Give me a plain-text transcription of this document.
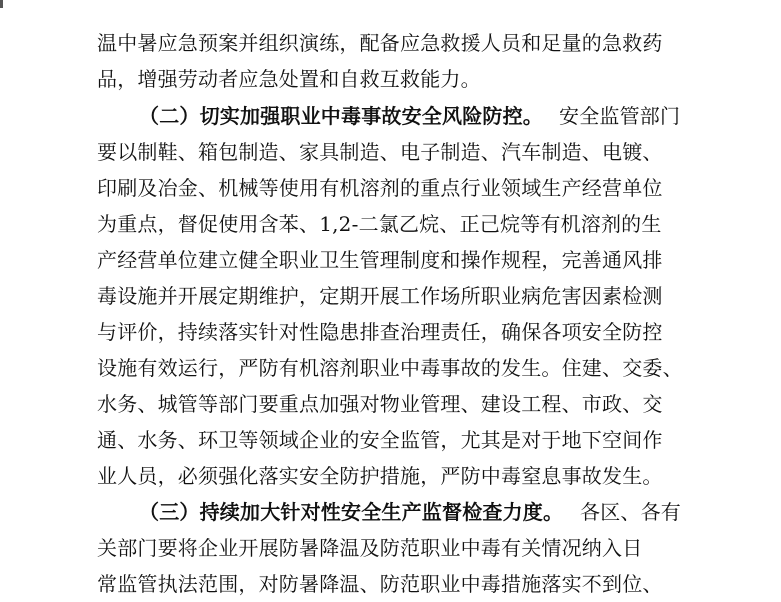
温中暑应急预案并组织演练，配备应急救援人员和足量的急救药
品，增强劳动者应急处置和自救互救能力。
（二）切实加强职业中毒事故安全风险防控。 安全监管部门
要以制鞋、箱包制造、家具制造、电子制造、汽车制造、电镀、
印刷及冶金、机械等使用有机溶剂的重点行业领域生产经营单位
为重点，督促使用含苯、1,2-二氯乙烷、正己烷等有机溶剂的生
产经营单位建立健全职业卫生管理制度和操作规程，完善通风排
毒设施并开展定期维护，定期开展工作场所职业病危害因素检测
与评价，持续落实针对性隐患排查治理责任，确保各项安全防控
设施有效运行，严防有机溶剂职业中毒事故的发生。住建、交委、
水务、城管等部门要重点加强对物业管理、建设工程、市政、交
通、水务、环卫等领域企业的安全监管，尤其是对于地下空间作
业人员，必须强化落实安全防护措施，严防中毒窒息事故发生。
（三）持续加大针对性安全生产监督检查力度。 各区、各有
关部门要将企业开展防暑降温及防范职业中毒有关情况纳入日
常监管执法范围，对防暑降温、防范职业中毒措施落实不到位、
